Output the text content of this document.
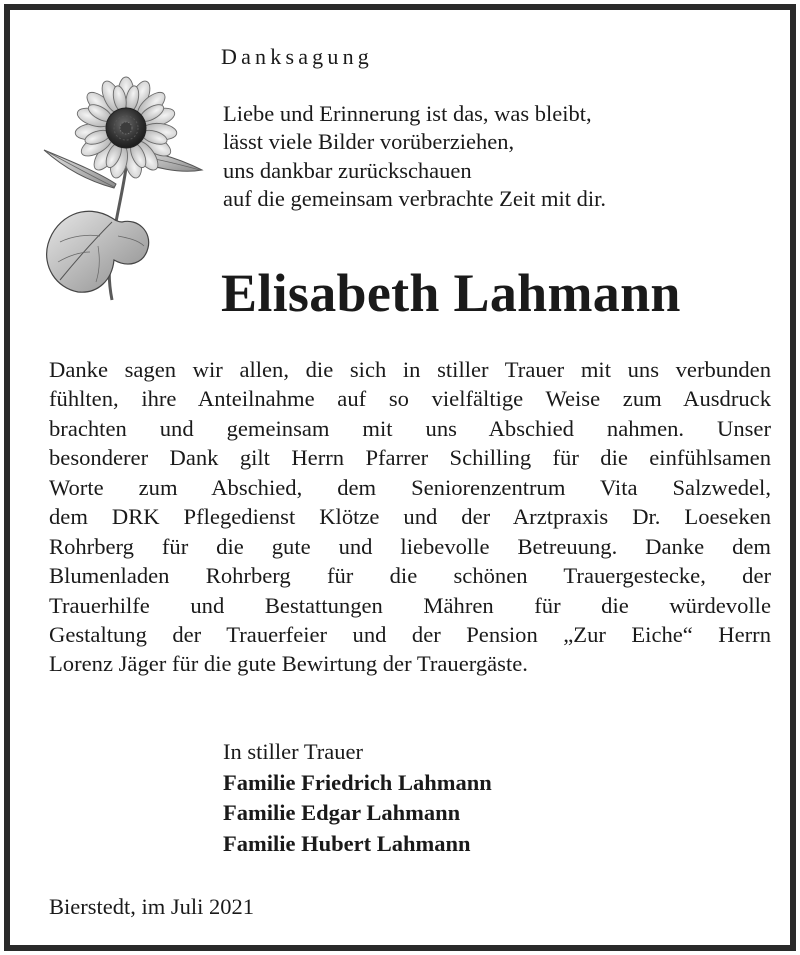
Danksagung
Liebe und Erinnerung ist das, was bleibt,
lässt viele Bilder vorüberziehen,
uns dankbar zurückschauen
auf die gemeinsam verbrachte Zeit mit dir.
Elisabeth Lahmann
Danke sagen wir allen, die sich in stiller Trauer mit uns verbunden
fühlten, ihre Anteilnahme auf so vielfältige Weise zum Ausdruck
brachten und gemeinsam mit uns Abschied nahmen. Unser
besonderer Dank gilt Herrn Pfarrer Schilling für die einfühlsamen
Worte zum Abschied, dem Seniorenzentrum Vita Salzwedel,
dem DRK Pflegedienst Klötze und der Arztpraxis Dr. Loeseken
Rohrberg für die gute und liebevolle Betreuung. Danke dem
Blumenladen Rohrberg für die schönen Trauergestecke, der
Trauerhilfe und Bestattungen Mähren für die würdevolle
Gestaltung der Trauerfeier und der Pension „Zur Eiche“ Herrn
Lorenz Jäger für die gute Bewirtung der Trauergäste.
In stiller Trauer
Familie Friedrich Lahmann
Familie Edgar Lahmann
Familie Hubert Lahmann
Bierstedt, im Juli 2021
